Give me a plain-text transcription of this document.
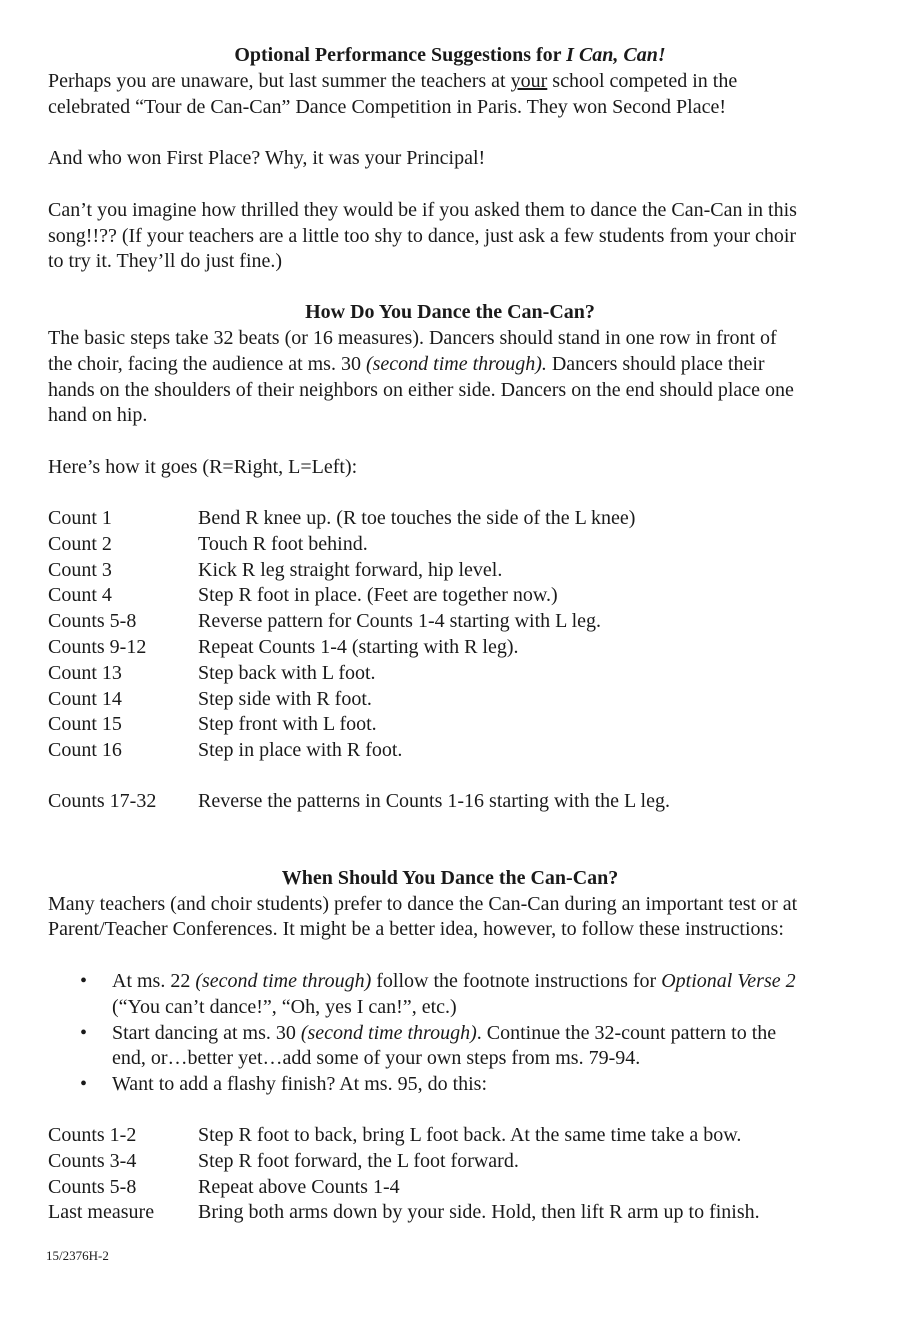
Optional Performance Suggestions for I Can, Can!
Perhaps you are unaware, but last summer the teachers at your school competed in the
celebrated “Tour de Can-Can” Dance Competition in Paris. They won Second Place!
And who won First Place? Why, it was your Principal!
Can’t you imagine how thrilled they would be if you asked them to dance the Can-Can in this
song!!?? (If your teachers are a little too shy to dance, just ask a few students from your choir
to try it. They’ll do just fine.)
How Do You Dance the Can-Can?
The basic steps take 32 beats (or 16 measures). Dancers should stand in one row in front of
the choir, facing the audience at ms. 30 (second time through). Dancers should place their
hands on the shoulders of their neighbors on either side. Dancers on the end should place one
hand on hip.
Here’s how it goes (R=Right, L=Left):
Count 1	Bend R knee up. (R toe touches the side of the L knee)
Count 2	Touch R foot behind.
Count 3	Kick R leg straight forward, hip level.
Count 4	Step R foot in place. (Feet are together now.)
Counts 5-8	Reverse pattern for Counts 1-4 starting with L leg.
Counts 9-12	Repeat Counts 1-4 (starting with R leg).
Count 13	Step back with L foot.
Count 14	Step side with R foot.
Count 15	Step front with L foot.
Count 16	Step in place with R foot.
Counts 17-32 Reverse the patterns in Counts 1-16 starting with the L leg.
When Should You Dance the Can-Can?
Many teachers (and choir students) prefer to dance the Can-Can during an important test or at
Parent/Teacher Conferences. It might be a better idea, however, to follow these instructions:
• At ms. 22 (second time through) follow the footnote instructions for Optional Verse 2
(“You can’t dance!”, “Oh, yes I can!”, etc.)
• Start dancing at ms. 30 (second time through). Continue the 32-count pattern to the
end, or…better yet…add some of your own steps from ms. 79-94.
• Want to add a flashy finish? At ms. 95, do this:
Counts 1-2	Step R foot to back, bring L foot back. At the same time take a bow.
Counts 3-4	Step R foot forward, the L foot forward.
Counts 5-8	Repeat above Counts 1-4
Last measure Bring both arms down by your side. Hold, then lift R arm up to finish.
15/2376H-2
